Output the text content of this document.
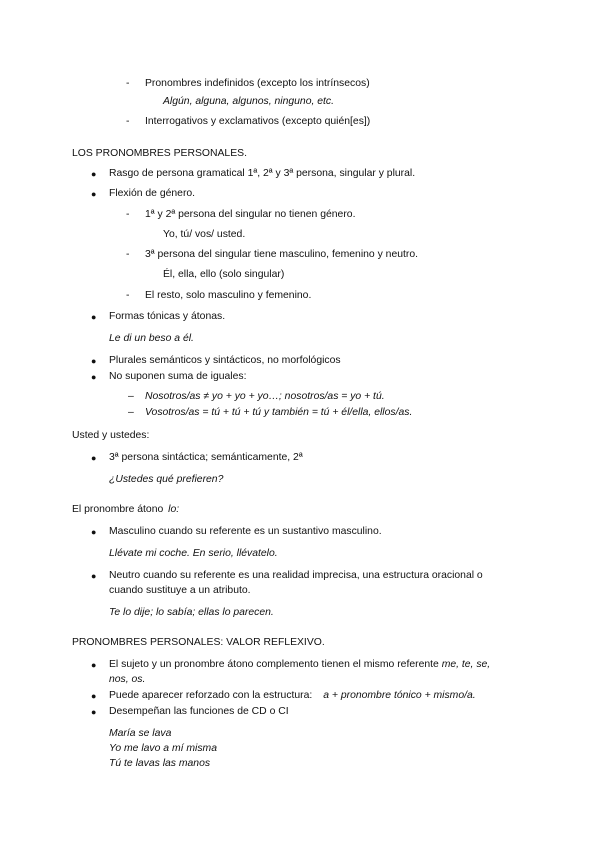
- Pronombres indefinidos (excepto los intrínsecos)
Algún, alguna, algunos, ninguno, etc.
- Interrogativos y exclamativos (excepto quién[es])
LOS PRONOMBRES PERSONALES.
● Rasgo de persona gramatical 1ª, 2ª y 3ª persona, singular y plural.
● Flexión de género.
- 1ª y 2ª persona del singular no tienen género.
Yo, tú/ vos/ usted.
- 3ª persona del singular tiene masculino, femenino y neutro.
Él, ella, ello (solo singular)
- El resto, solo masculino y femenino.
● Formas tónicas y átonas.
Le di un beso a él.
● Plurales semánticos y sintácticos, no morfológicos
● No suponen suma de iguales:
– Nosotros/as ≠ yo + yo + yo…; nosotros/as = yo + tú.
– Vosotros/as = tú + tú + tú y también = tú + él/ella, ellos/as.
Usted y ustedes:
● 3ª persona sintáctica; semánticamente, 2ª
¿Ustedes qué prefieren?
El pronombre átono lo:
● Masculino cuando su referente es un sustantivo masculino.
Llévate mi coche. En serio, llévatelo.
● Neutro cuando su referente es una realidad imprecisa, una estructura oracional o
cuando sustituye a un atributo.
Te lo dije; lo sabía; ellas lo parecen.
PRONOMBRES PERSONALES: VALOR REFLEXIVO.
● El sujeto y un pronombre átono complemento tienen el mismo referente me, te, se,
nos, os.
● Puede aparecer reforzado con la estructura: a + pronombre tónico + mismo/a.
● Desempeñan las funciones de CD o CI
María se lava
Yo me lavo a mí misma
Tú te lavas las manos
